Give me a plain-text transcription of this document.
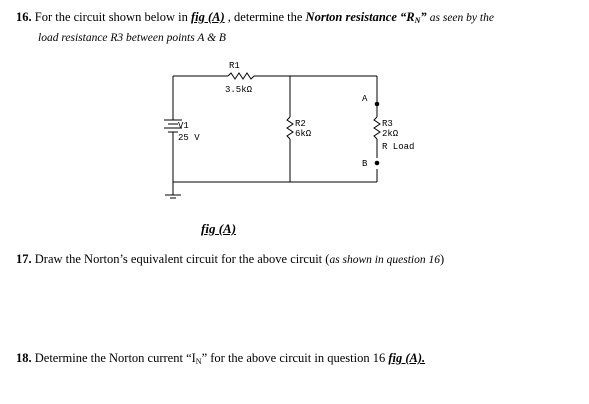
16. For the circuit shown below in fig (A) , determine the Norton resistance “$R_N$” as seen by the
load resistance R3 between points A & B
R1
3.5kΩ
V1
25 V
R2
6kΩ
R3
2kΩ
R Load
A
B
fig (A)
17. Draw the Norton’s equivalent circuit for the above circuit (as shown in question 16)
18. Determine the Norton current “IN” for the above circuit in question 16 fig (A).
